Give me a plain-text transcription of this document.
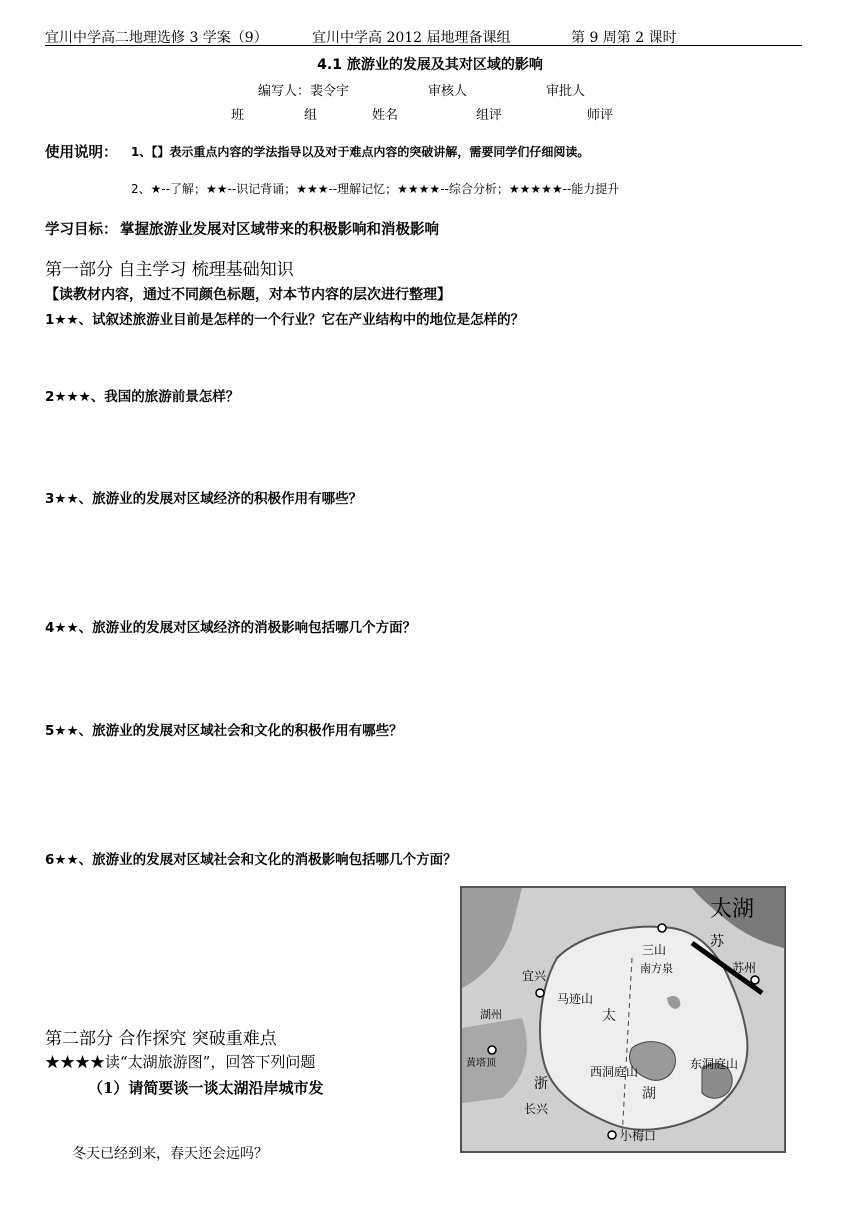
宜川中学高二地理选修 3 学案（9）	宜川中学高 2012 届地理备课组	第 9 周第 2 课时
4.1 旅游业的发展及其对区域的影响
编写人：裴令宇	审核人	审批人
班	组	姓名	组评	师评
使用说明： 1、【】表示重点内容的学法指导以及对于难点内容的突破讲解，需要同学们仔细阅读。
2、★--了解；★★--识记背诵；★★★--理解记忆；★★★★--综合分析；★★★★★--能力提升
学习目标： 掌握旅游业发展对区域带来的积极影响和消极影响
第一部分 自主学习 梳理基础知识
【读教材内容，通过不同颜色标题，对本节内容的层次进行整理】
1★★、试叙述旅游业目前是怎样的一个行业？它在产业结构中的地位是怎样的？
2★★★、我国的旅游前景怎样？
3★★、旅游业的发展对区域经济的积极作用有哪些？
4★★、旅游业的发展对区域经济的消极影响包括哪几个方面？
5★★、旅游业的发展对区域社会和文化的积极作用有哪些？
6★★、旅游业的发展对区域社会和文化的消极影响包括哪几个方面？
太湖
苏
宜兴
太
湖
浙
长兴
小梅口
马迹山
西洞庭山
东洞庭山
苏州
黄塔顶
湖州
三山
南方泉
第二部分 合作探究 突破重难点
★★★★读“太湖旅游图”，回答下列问题
（1）请简要谈一谈太湖沿岸城市发
冬天已经到来，春天还会远吗？
